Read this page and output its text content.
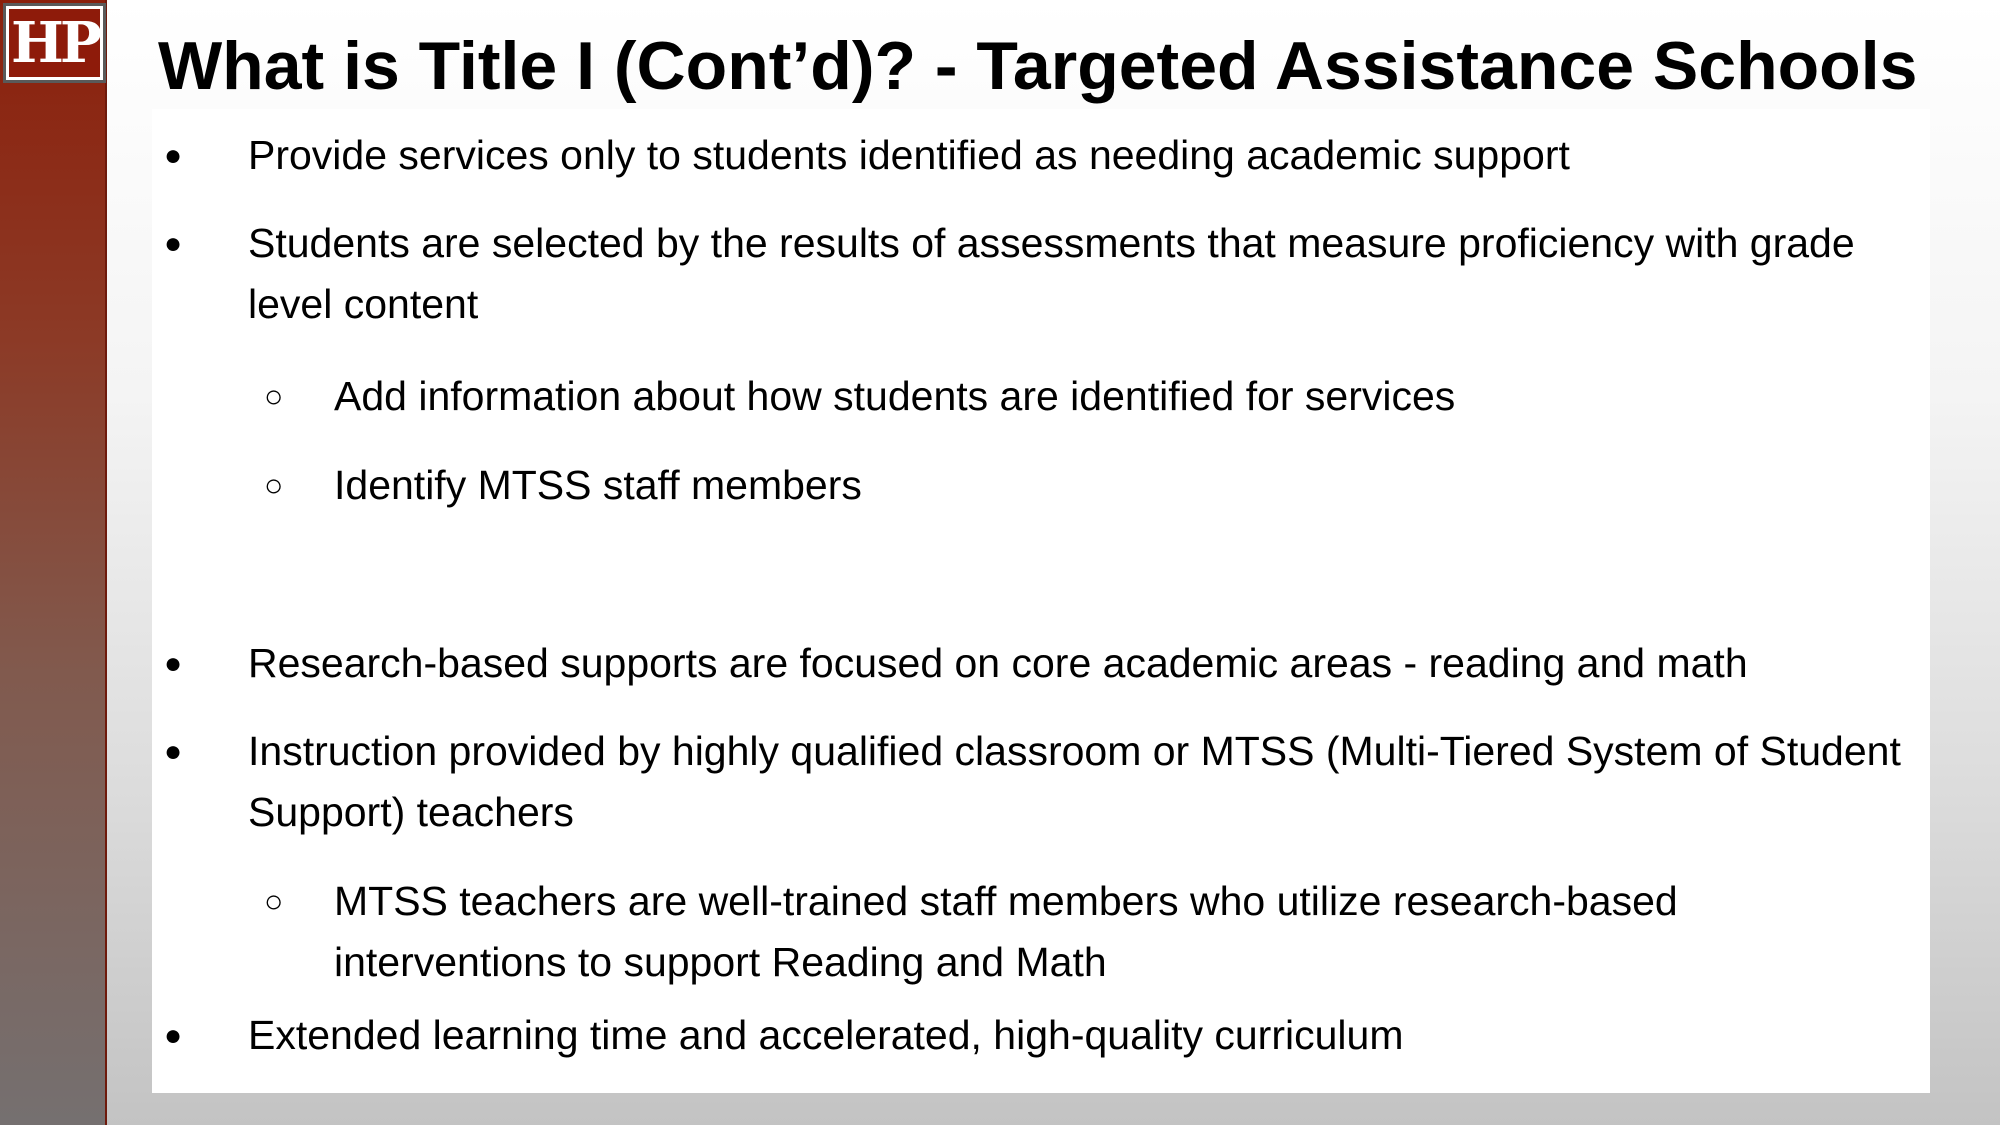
HP What is Title I (Cont’d)? - Targeted Assistance Schools
● Provide services only to students identified as needing academic support
● Students are selected by the results of assessments that measure proficiency with grade level content
○ Add information about how students are identified for services
○ Identify MTSS staff members
● Research-based supports are focused on core academic areas - reading and math
● Instruction provided by highly qualified classroom or MTSS (Multi-Tiered System of Student Support) teachers
○ MTSS teachers are well-trained staff members who utilize research-based interventions to support Reading and Math
● Extended learning time and accelerated, high-quality curriculum
